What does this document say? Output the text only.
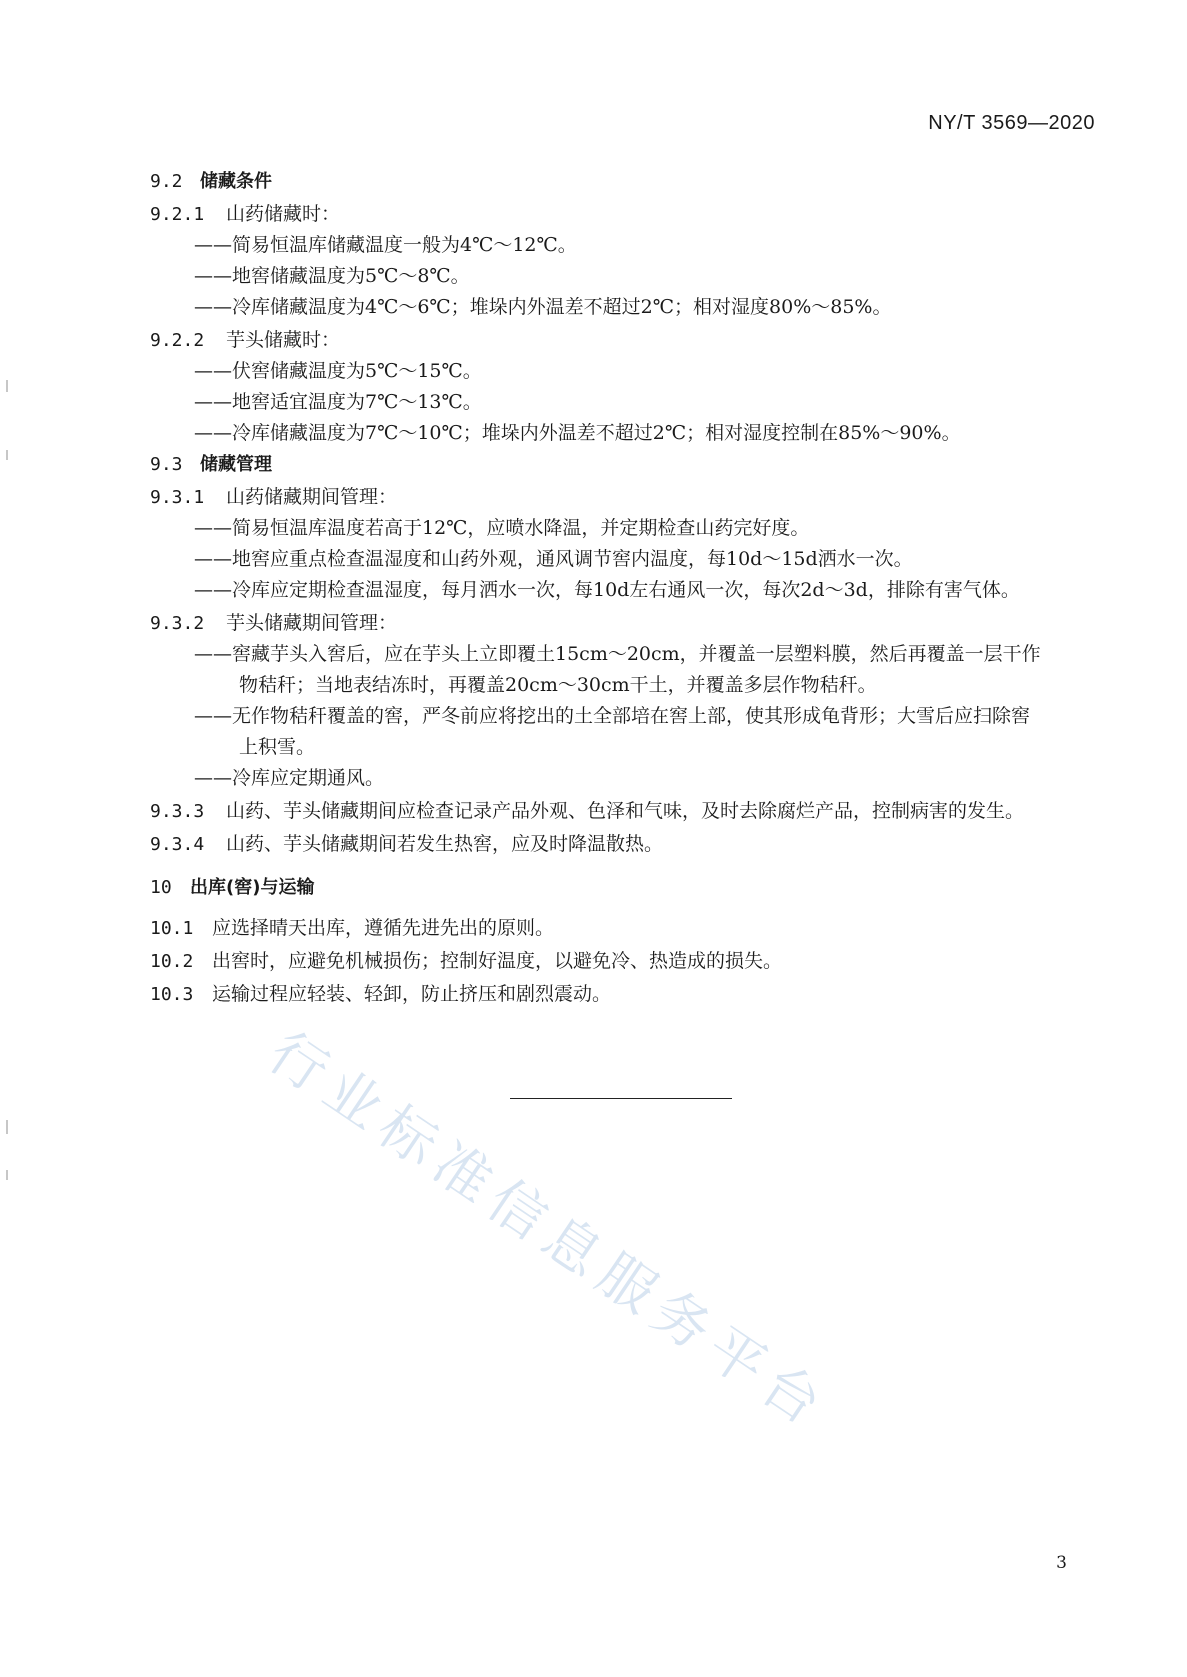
NY/T 3569—2020
9.2 储藏条件
9.2.1 山药储藏时：
——简易恒温库储藏温度一般为4℃～12℃。
——地窖储藏温度为5℃～8℃。
——冷库储藏温度为4℃～6℃；堆垛内外温差不超过2℃；相对湿度80%～85%。
9.2.2 芋头储藏时：
——伏窖储藏温度为5℃～15℃。
——地窖适宜温度为7℃～13℃。
——冷库储藏温度为7℃～10℃；堆垛内外温差不超过2℃；相对湿度控制在85%～90%。
9.3 储藏管理
9.3.1 山药储藏期间管理：
——简易恒温库温度若高于12℃，应喷水降温，并定期检查山药完好度。
——地窖应重点检查温湿度和山药外观，通风调节窖内温度，每10d～15d洒水一次。
——冷库应定期检查温湿度，每月洒水一次，每10d左右通风一次，每次2d～3d，排除有害气体。
9.3.2 芋头储藏期间管理：
——窖藏芋头入窖后，应在芋头上立即覆土15cm～20cm，并覆盖一层塑料膜，然后再覆盖一层干作
物秸秆；当地表结冻时，再覆盖20cm～30cm干土，并覆盖多层作物秸秆。
——无作物秸秆覆盖的窖，严冬前应将挖出的土全部培在窖上部，使其形成龟背形；大雪后应扫除窖
上积雪。
——冷库应定期通风。
9.3.3 山药、芋头储藏期间应检查记录产品外观、色泽和气味，及时去除腐烂产品，控制病害的发生。
9.3.4 山药、芋头储藏期间若发生热窖，应及时降温散热。
10 出库(窖)与运输
10.1 应选择晴天出库，遵循先进先出的原则。
10.2 出窖时，应避免机械损伤；控制好温度，以避免冷、热造成的损失。
10.3 运输过程应轻装、轻卸，防止挤压和剧烈震动。
行业标准信息服务平台
3
